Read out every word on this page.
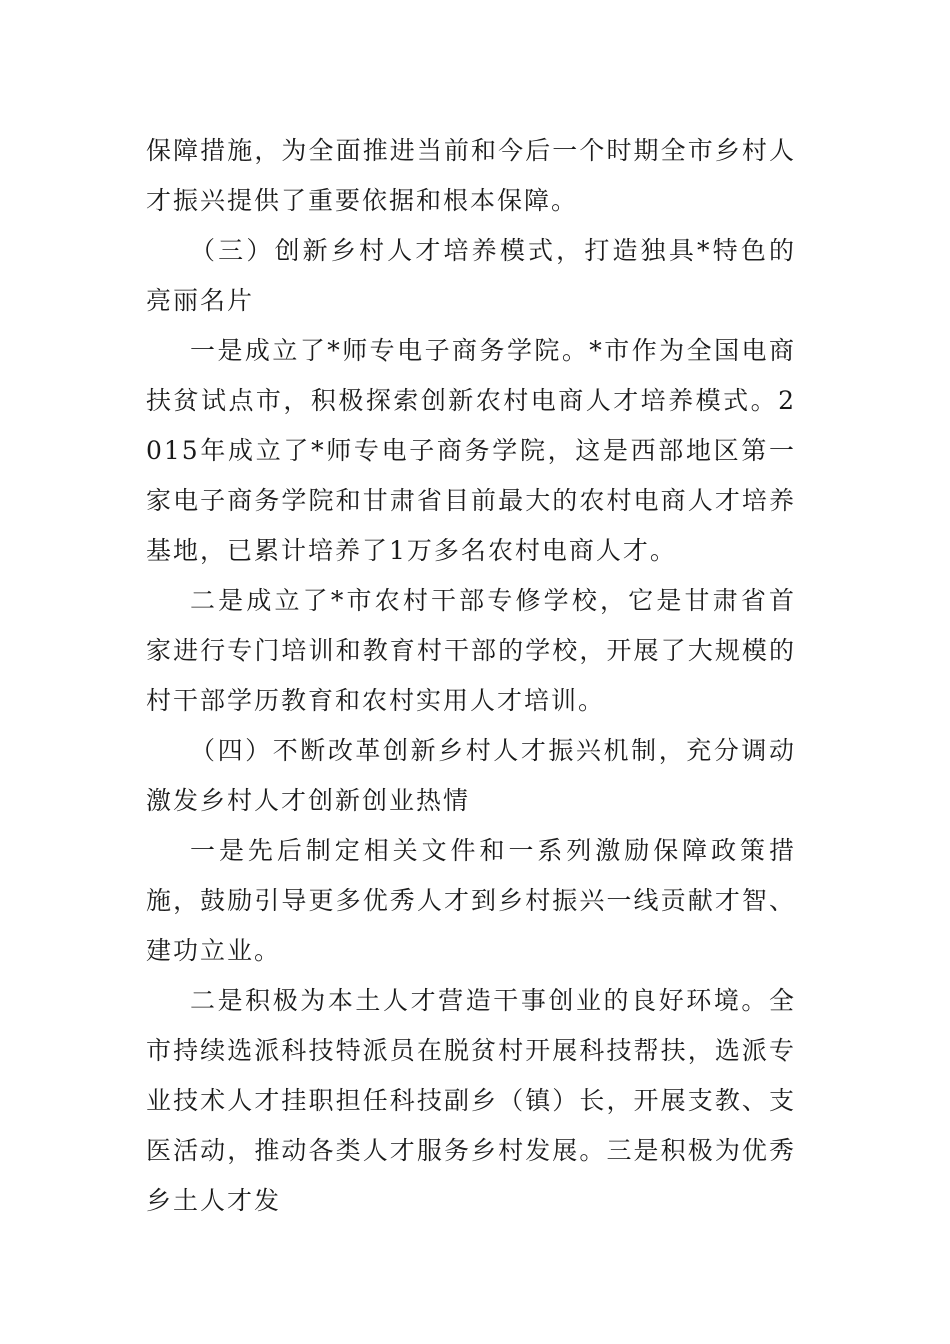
保障措施，为全面推进当前和今后一个时期全市乡村人才振兴提供了重要依据和根本保障。

（三）创新乡村人才培养模式，打造独具*特色的亮丽名片

一是成立了*师专电子商务学院。*市作为全国电商扶贫试点市，积极探索创新农村电商人才培养模式。2015年成立了*师专电子商务学院，这是西部地区第一家电子商务学院和甘肃省目前最大的农村电商人才培养基地，已累计培养了1万多名农村电商人才。

二是成立了*市农村干部专修学校，它是甘肃省首家进行专门培训和教育村干部的学校，开展了大规模的村干部学历教育和农村实用人才培训。

（四）不断改革创新乡村人才振兴机制，充分调动激发乡村人才创新创业热情

一是先后制定相关文件和一系列激励保障政策措施，鼓励引导更多优秀人才到乡村振兴一线贡献才智、建功立业。

二是积极为本土人才营造干事创业的良好环境。全市持续选派科技特派员在脱贫村开展科技帮扶，选派专业技术人才挂职担任科技副乡（镇）长，开展支教、支医活动，推动各类人才服务乡村发展。三是积极为优秀乡土人才发
